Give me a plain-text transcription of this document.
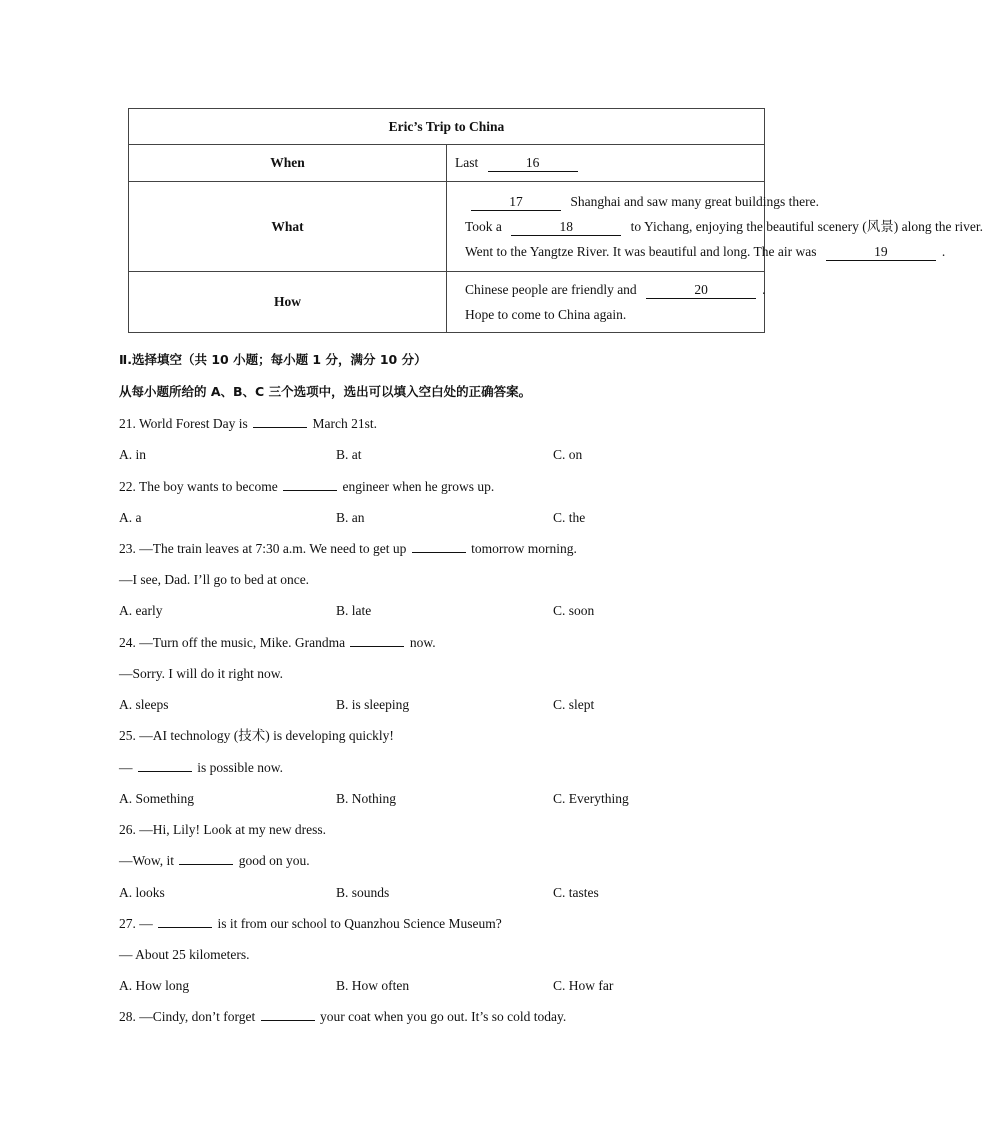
Eric’s Trip to China	
When	Last 16
What	17 Shanghai and saw many great buildings there.
Took a 18 to Yichang, enjoying the beautiful scenery (风景) along the river.
Went to the Yangtze River. It was beautiful and long. The air was 19 .

How	Chinese people are friendly and 20 .
Hope to come to China again.
Ⅱ.选择填空（共 10 小题；每小题 1 分，满分 10 分）
从每小题所给的 A、B、C 三个选项中，选出可以填入空白处的正确答案。
21. World Forest Day is	March 21st.
A. in	B. at	C. on
22. The boy wants to become	engineer when he grows up.
A. a	B. an	C. the
23. —The train leaves at 7:30 a.m. We need to get up	tomorrow morning.
—I see, Dad. I’ll go to bed at once.
A. early	B. late	C. soon
24. —Turn off the music, Mike. Grandma	now.
—Sorry. I will do it right now.
A. sleeps	B. is sleeping	C. slept
25. —AI technology (技术) is developing quickly!
—	is possible now.
A. Something	B. Nothing	C. Everything
26. —Hi, Lily! Look at my new dress.
—Wow, it	good on you.
A. looks	B. sounds	C. tastes
27. —	is it from our school to Quanzhou Science Museum?
— About 25 kilometers.
A. How long	B. How often	C. How far
28. —Cindy, don’t forget	your coat when you go out. It’s so cold today.
